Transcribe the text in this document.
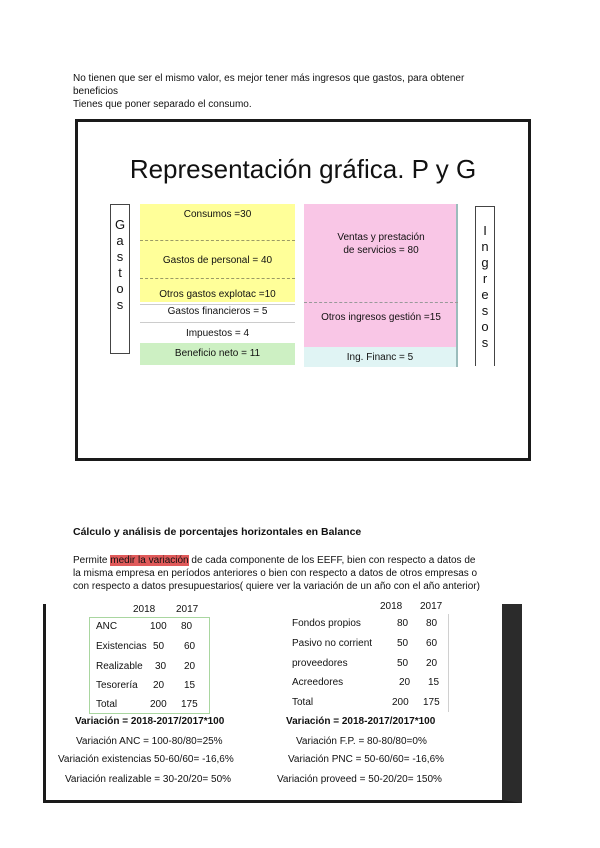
No tienen que ser el mismo valor, es mejor tener más ingresos que gastos, para obtener
beneficios
Tienes que poner separado el consumo.
Representación gráfica. P y G
G
a
s
t
o
s
Consumos =30
Gastos de personal = 40
Otros gastos explotac =10
Gastos financieros = 5
Impuestos = 4
Beneficio neto = 11
Ventas y prestación
de servicios = 80
Otros ingresos gestión =15
Ing. Financ = 5
I
n
g
r
e
s
o
s
Cálculo y análisis de porcentajes horizontales en Balance
Permite medir la variación de cada componente de los EEFF, bien con respecto a datos de
la misma empresa en períodos anteriores o bien con respecto a datos de otros empresas o
con respecto a datos presupuestarios( quiere ver la variación de un año con el año anterior)
2018 2017
ANC	100 80
Existencias 50 60
Realizable 30 20
Tesorería 20 15
Total	200 175
2018 2017
Fondos propios	80 80
Pasivo no corrient 50 60
proveedores	50 20
Acreedores	20 15
Total	200 175
Variación = 2018-2017/2017*100	Variación = 2018-2017/2017*100
Variación ANC = 100-80/80=25%
Variación existencias 50-60/60= -16,6%
Variación realizable = 30-20/20= 50%
Variación F.P. = 80-80/80=0%
Variación PNC = 50-60/60= -16,6%
Variación proveed = 50-20/20= 150%
